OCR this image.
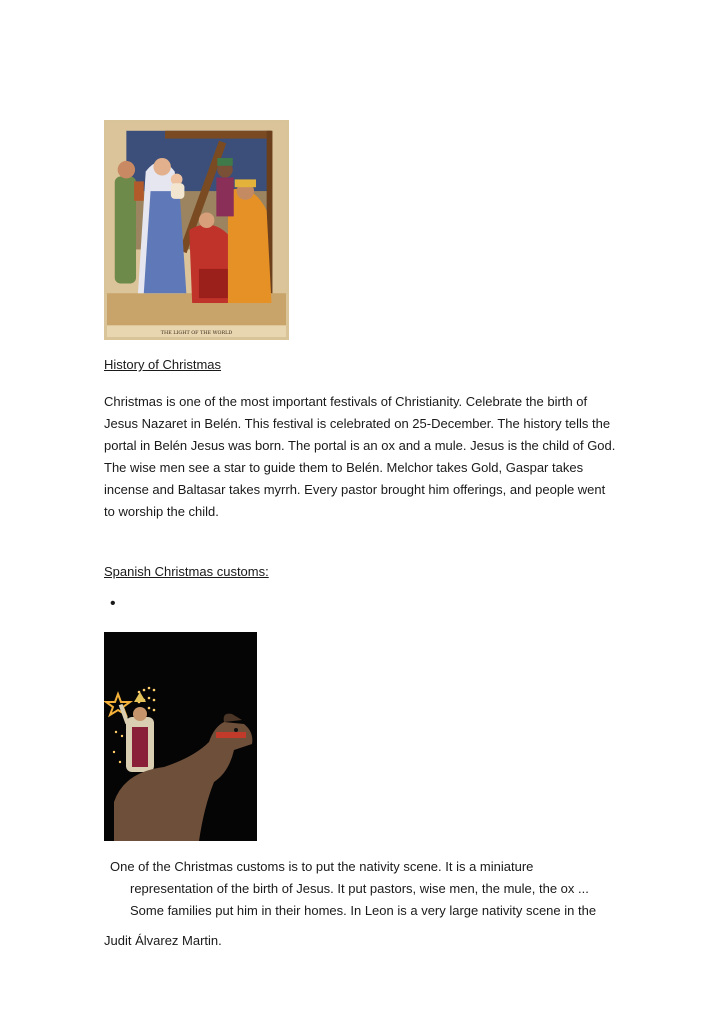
THE LIGHT OF THE WORLD
History of Christmas
Christmas is one of the most important festivals of Christianity. Celebrate the birth of
Jesus Nazaret in Belén. This festival is celebrated on 25-December. The history tells the
portal in Belén Jesus was born. The portal is an ox and a mule. Jesus is the child of God.
The wise men see a star to guide them to Belén. Melchor takes Gold, Gaspar takes
incense and Baltasar takes myrrh. Every pastor brought him offerings, and people went
to worship the child.
Spanish Christmas customs:
•
One of the Christmas customs is to put the nativity scene. It is a miniature
representation of the birth of Jesus. It put pastors, wise men, the mule, the ox ...
Some families put him in their homes. In Leon is a very large nativity scene in the
Judit Álvarez Martin.
